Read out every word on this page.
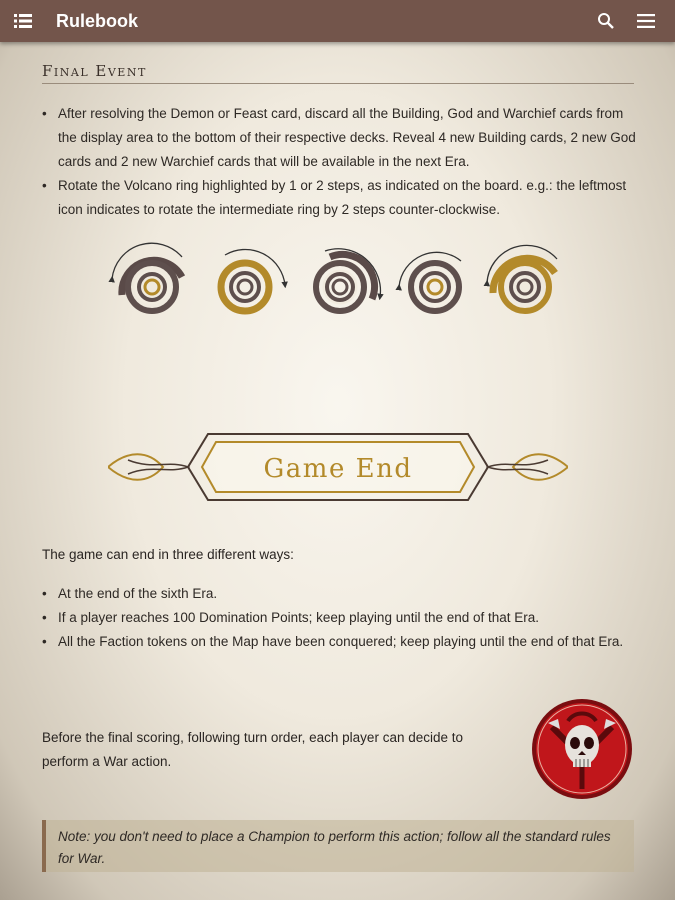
Rulebook
Final Event
• After resolving the Demon or Feast card, discard all the Building, God and Warchief cards from the display area to the bottom of their respective decks. Reveal 4 new Building cards, 2 new God cards and 2 new Warchief cards that will be available in the next Era.
• Rotate the Volcano ring highlighted by 1 or 2 steps, as indicated on the board. e.g.: the leftmost icon indicates to rotate the intermediate ring by 2 steps counter-clockwise.
Game End
The game can end in three different ways:
• At the end of the sixth Era.
• If a player reaches 100 Domination Points; keep playing until the end of that Era.
• All the Faction tokens on the Map have been conquered; keep playing until the end of that Era.
Before the final scoring, following turn order, each player can decide to perform a War action.
Note: you don't need to place a Champion to perform this action; follow all the standard rules for War.
